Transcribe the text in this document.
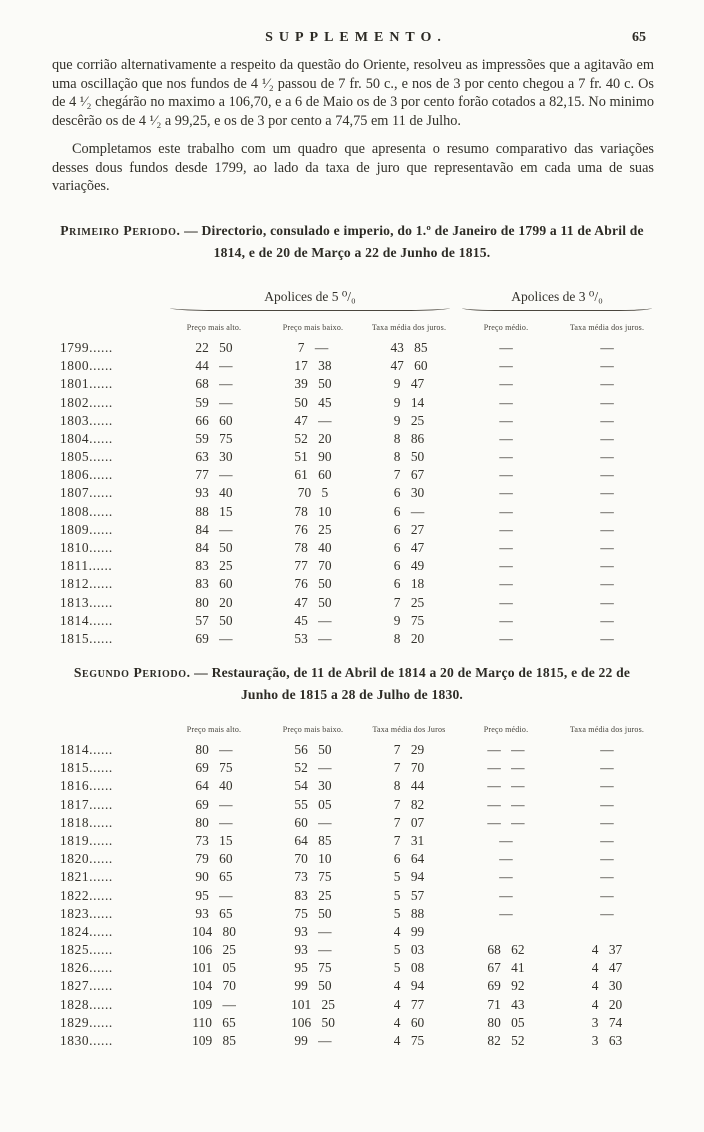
SUPPLEMENTO.	65

que corrião alternativamente a respeito da questão do Oriente, resolveu as impressões que a agitavão em uma oscillação que nos fundos de 4 ¹⁄₂ passou de 7 fr. 50 c., e nos de 3 por cento chegou a 7 fr. 40 c. Os de 4 ¹⁄₂ chegárão no maximo a 106,70, e a 6 de Maio os de 3 por cento forão cotados a 82,15. No minimo descêrão os de 4 ¹⁄₂ a 99,25, e os de 3 por cento a 74,75 em 11 de Julho.

Completamos este trabalho com um quadro que apresenta o resumo comparativo das variações desses dous fundos desde 1799, ao lado da taxa de juro que representavão em cada uma de suas variações.

Primeiro Periodo. — Directorio, consulado e imperio, do 1.º de Janeiro de 1799 a 11 de Abril de 1814, e de 20 de Março a 22 de Junho de 1815.
	Apolices de 5 ⁰/₀			Apolices de 3 ⁰/₀	

	Preço mais alto.	Preço mais baixo.	Taxa média dos juros.	Preço médio.	Taxa média dos juros.
1799......	22 50	7 —	43 85	—	—
1800......	44 —	17 38	47 60	—	—
1801......	68 —	39 50	9 47	—	—
1802......	59 —	50 45	9 14	—	—
1803......	66 60	47 —	9 25	—	—
1804......	59 75	52 20	8 86	—	—
1805......	63 30	51 90	8 50	—	—
1806......	77 —	61 60	7 67	—	—
1807......	93 40	70 5	6 30	—	—
1808......	88 15	78 10	6 —	—	—
1809......	84 —	76 25	6 27	—	—
1810......	84 50	78 40	6 47	—	—
1811......	83 25	77 70	6 49	—	—
1812......	83 60	76 50	6 18	—	—
1813......	80 20	47 50	7 25	—	—
1814......	57 50	45 —	9 75	—	—
1815......	69 —	53 —	8 20	—	—
Segundo Periodo. — Restauração, de 11 de Abril de 1814 a 20 de Março de 1815, e de 22 de Junho de 1815 a 28 de Julho de 1830.
	Preço mais alto.	Preço mais baixo.	Taxa média dos Juros	Preço médio.	Taxa média dos juros.
1814......	80 —	56 50	7 29	— —	—
1815......	69 75	52 —	7 70	— —	—
1816......	64 40	54 30	8 44	— —	—
1817......	69 —	55 05	7 82	— —	—
1818......	80 —	60 —	7 07	— —	—
1819......	73 15	64 85	7 31	—	—
1820......	79 60	70 10	6 64	—	—
1821......	90 65	73 75	5 94	—	—
1822......	95 —	83 25	5 57	—	—
1823......	93 65	75 50	5 88	—	—
1824......	104 80	93 —	4 99		
1825......	106 25	93 —	5 03	68 62	4 37
1826......	101 05	95 75	5 08	67 41	4 47
1827......	104 70	99 50	4 94	69 92	4 30
1828......	109 —	101 25	4 77	71 43	4 20
1829......	110 65	106 50	4 60	80 05	3 74
1830......	109 85	99 —	4 75	82 52	3 63
